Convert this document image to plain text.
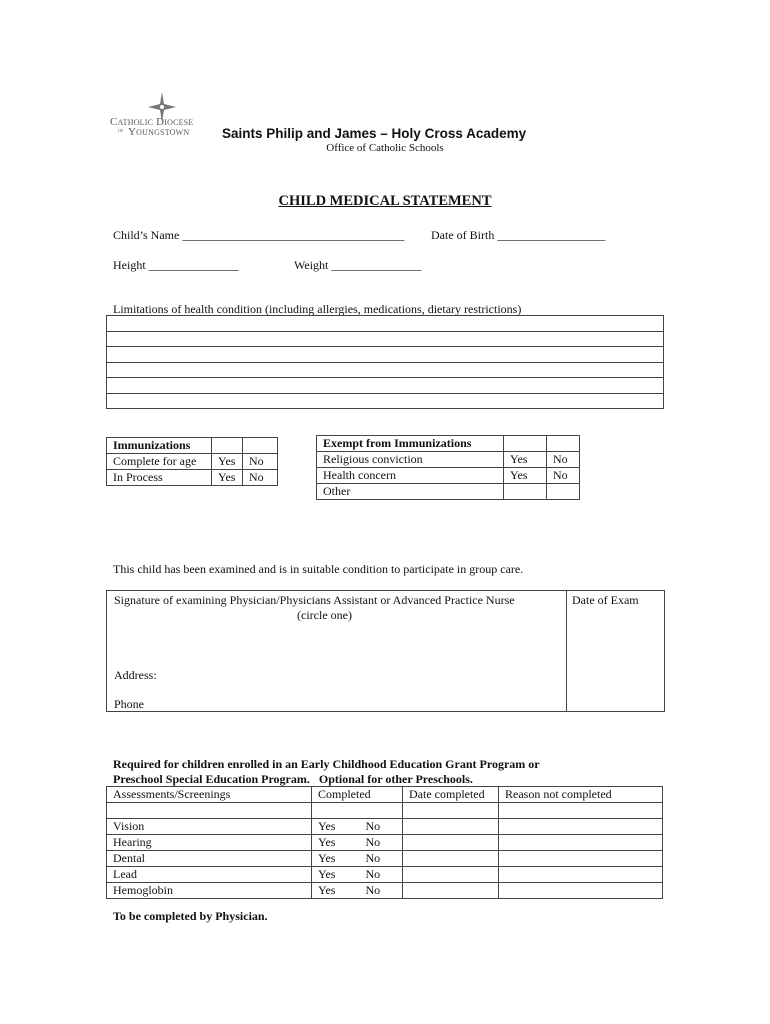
Catholic Diocese
of Youngstown Saints Philip and James – Holy Cross Academy
Office of Catholic Schools
CHILD MEDICAL STATEMENT
Child’s Name _____________________________________ Date of Birth __________________
Height _______________	Weight _______________
Limitations of health condition (including allergies, medications, dietary restrictions)

Immunizations		
Complete for age	Yes	No
In Process	Yes	No
Exempt from Immunizations		
Religious conviction	Yes	No
Health concern	Yes	No
Other		
This child has been examined and is in suitable condition to participate in group care.
Signature of examining Physician/Physicians Assistant or Advanced Practice Nurse
(circle one)
Date of Exam
Address:
Phone
Required for children enrolled in an Early Childhood Education Grant Program or
Preschool Special Education Program.   Optional for other Preschools.
Assessments/Screenings	Completed	Date completed	Reason not completed

Vision	Yes No		
Hearing	Yes No		
Dental	Yes No		
Lead	Yes No		
Hemoglobin	Yes No		
To be completed by Physician.
